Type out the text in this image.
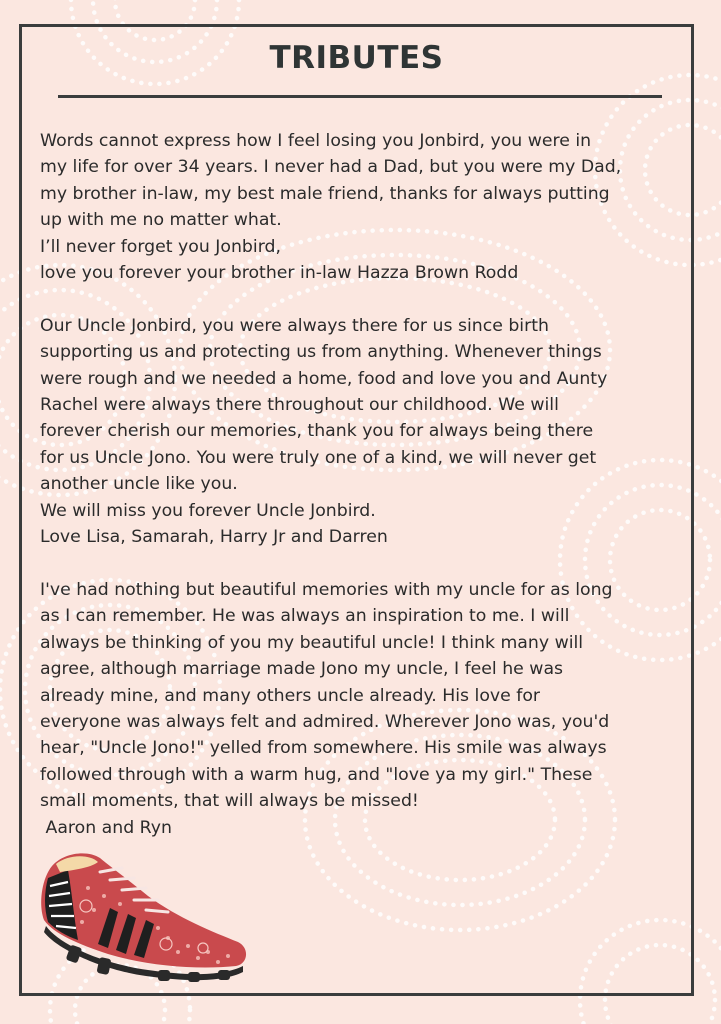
TRIBUTES

Words cannot express how I feel losing you Jonbird, you were in

my life for over 34 years. I never had a Dad, but you were my Dad,

my brother in-law, my best male friend, thanks for always putting

up with me no matter what.

I’ll never forget you Jonbird,

love you forever your brother in-law Hazza Brown Rodd

Our Uncle Jonbird, you were always there for us since birth

supporting us and protecting us from anything. Whenever things

were rough and we needed a home, food and love you and Aunty

Rachel were always there throughout our childhood. We will

forever cherish our memories, thank you for always being there

for us Uncle Jono. You were truly one of a kind, we will never get

another uncle like you.

We will miss you forever Uncle Jonbird.

Love Lisa, Samarah, Harry Jr and Darren

I've had nothing but beautiful memories with my uncle for as long

as I can remember. He was always an inspiration to me. I will

always be thinking of you my beautiful uncle! I think many will

agree, although marriage made Jono my uncle, I feel he was

already mine, and many others uncle already. His love for

everyone was always felt and admired. Wherever Jono was, you'd

hear, "Uncle Jono!" yelled from somewhere. His smile was always

followed through with a warm hug, and "love ya my girl." These

small moments, that will always be missed!

Aaron and Ryn
